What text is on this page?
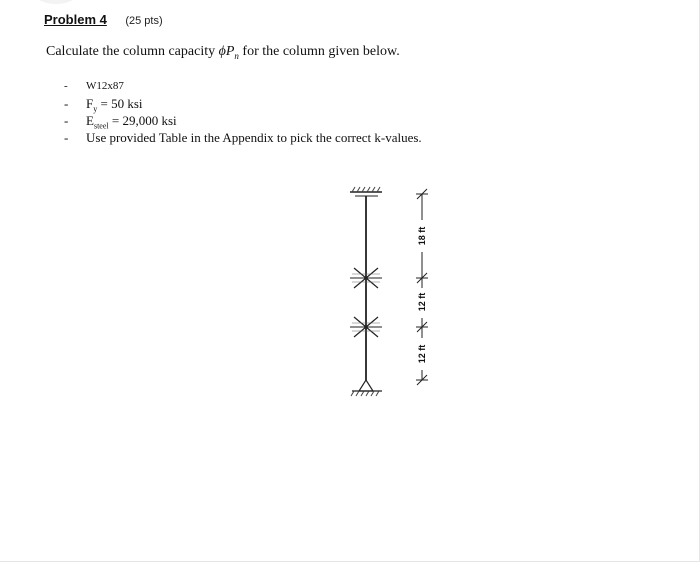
Problem 4 (25 pts)
Calculate the column capacity $\phi P_n$ for the column given below.
- W12x87
- $F_y = 50$ ksi
- $E_{steel} = 29,000$ ksi
- Use provided Table in the Appendix to pick the correct k-values.
18 ft
12 ft
12 ft
